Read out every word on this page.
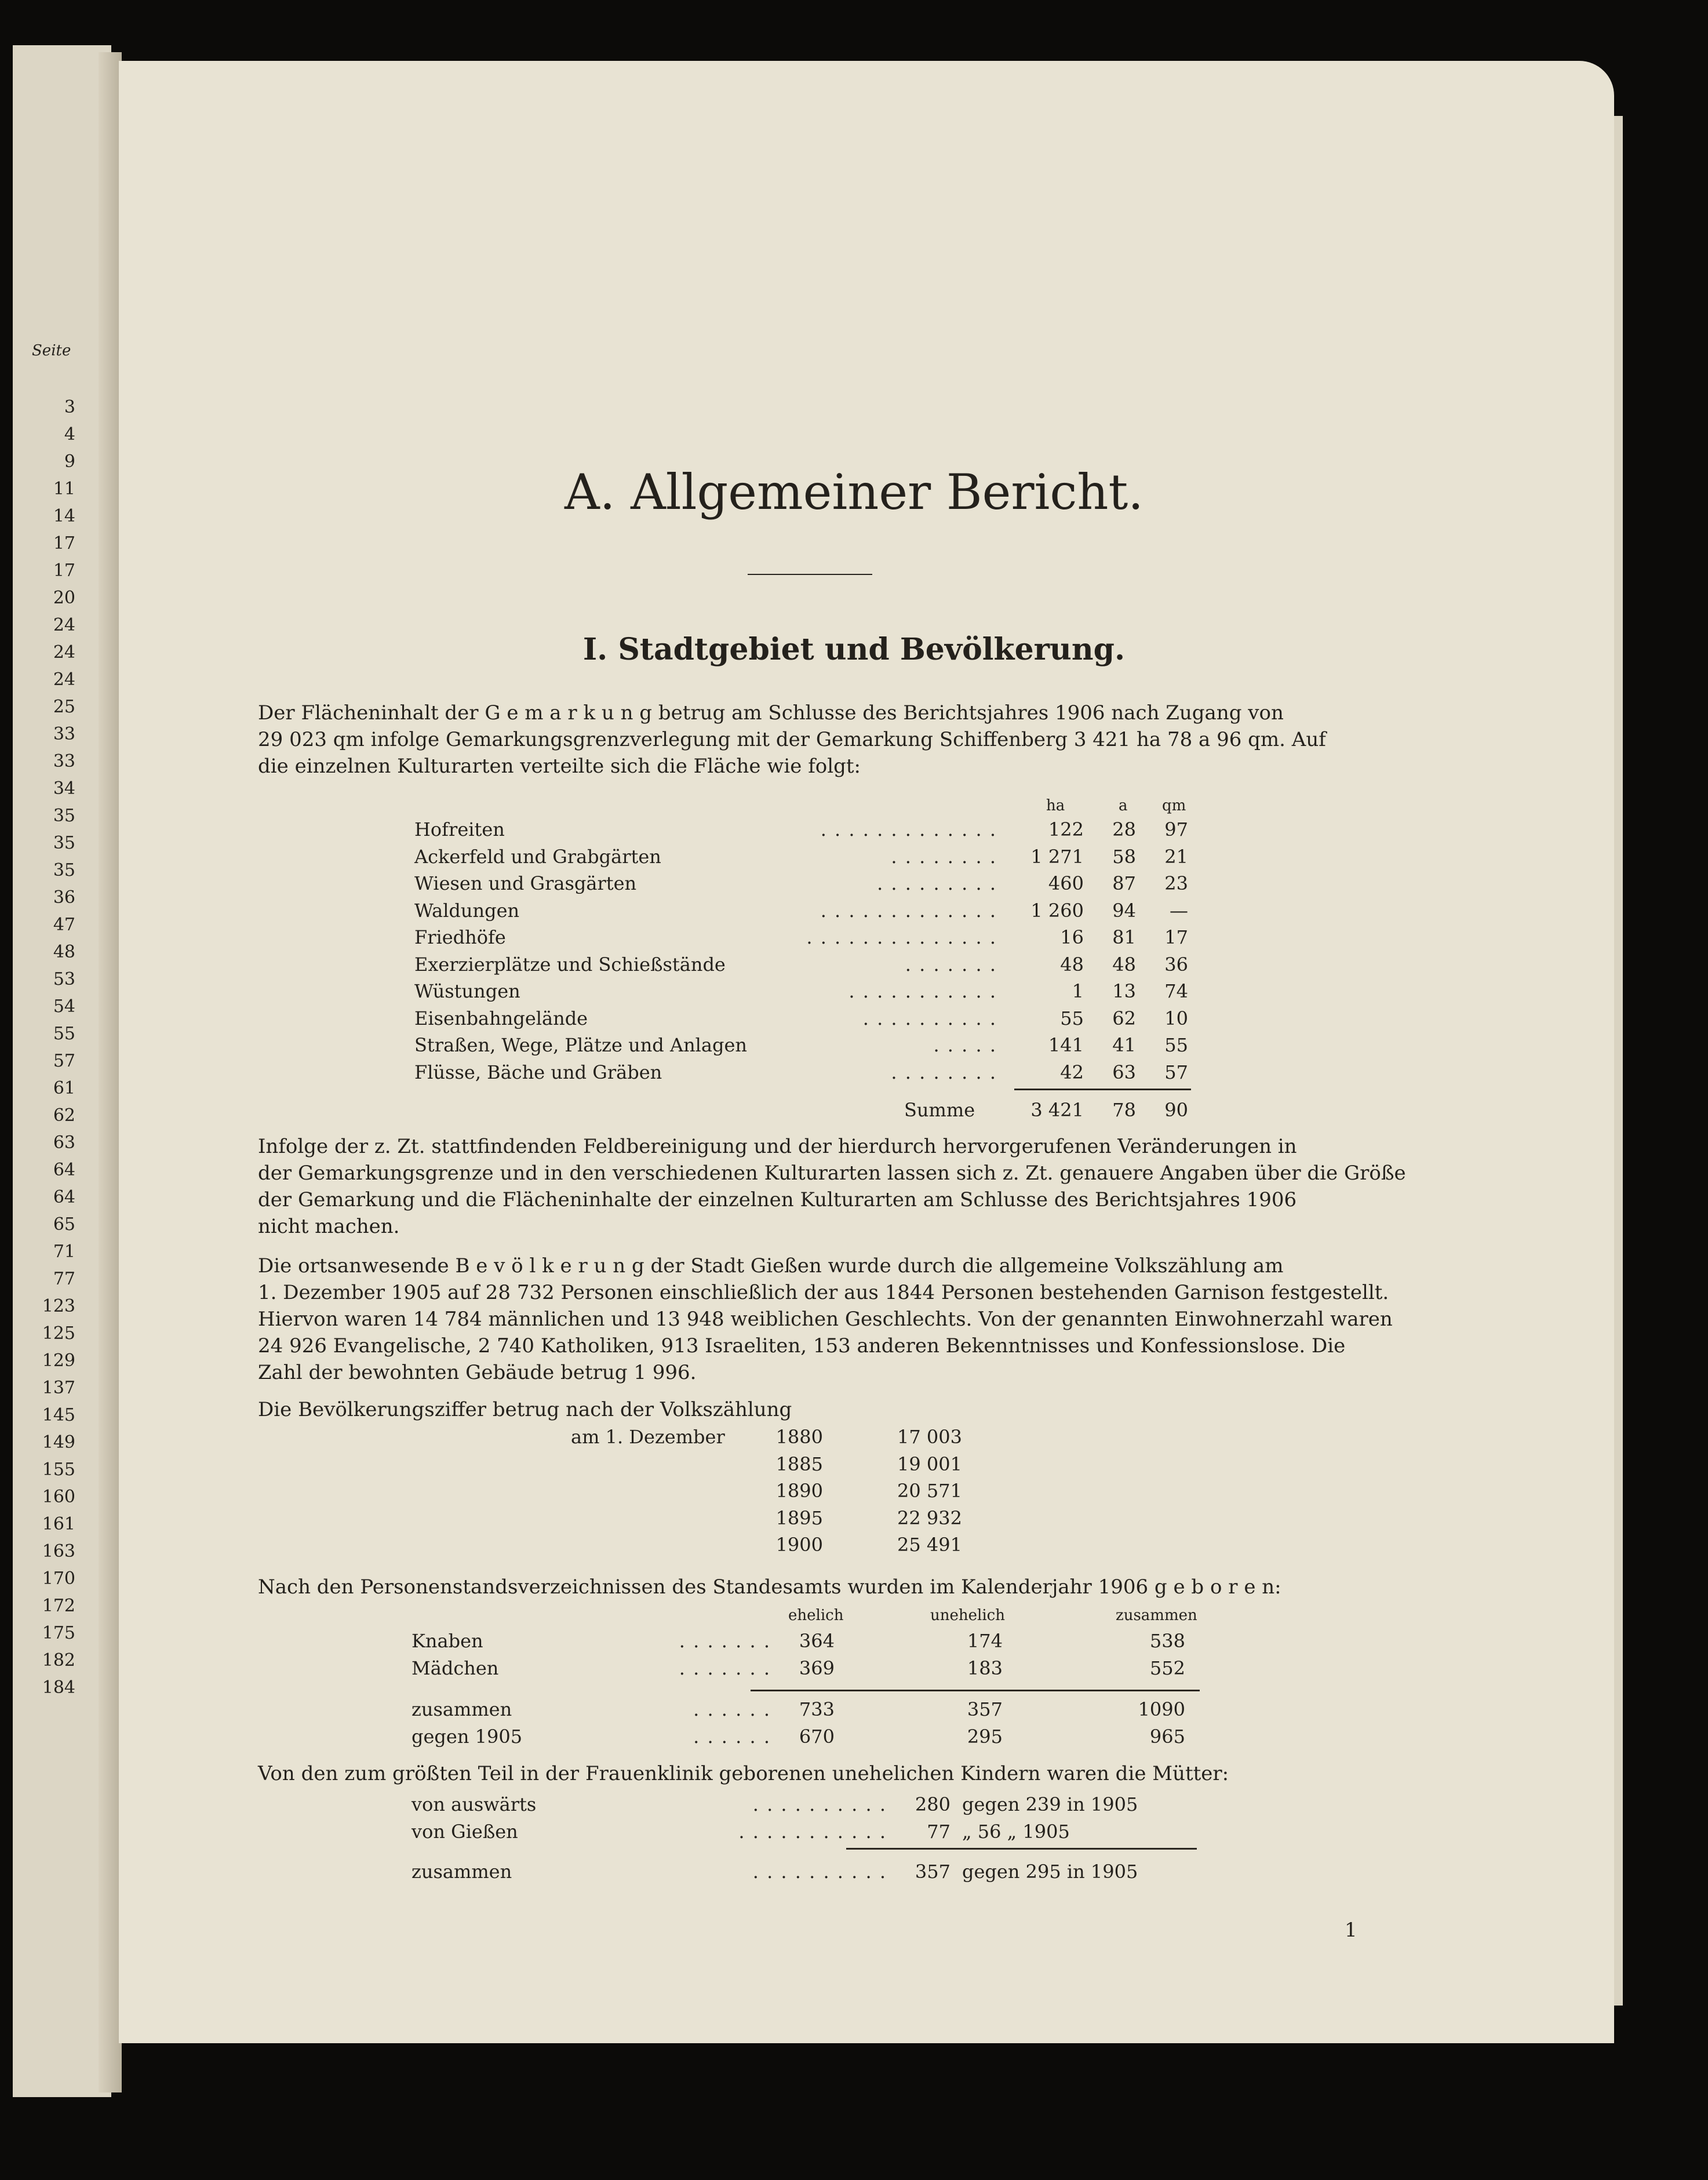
Seite
3
4
9
11
14
17
17
20
24
24
24
25
33
33
34
35
35
35
36
47
48
53
54
55
57
61
62
63
64
64
65
71
77
123
125
129
137
145
149
155
160
161
163
170
172
175
182
184
A. Allgemeiner Bericht.
I. Stadtgebiet und Bevölkerung.
Der Flächeninhalt der G e m a r k u n g betrug am Schlusse des Berichtsjahres 1906 nach Zugang von
29 023 qm infolge Gemarkungsgrenzverlegung mit der Gemarkung Schiffenberg 3 421 ha 78 a 96 qm. Auf
die einzelnen Kulturarten verteilte sich die Fläche wie folgt:
ha	a qm
Hofreiten	. . . . . . . . . . . . .	122	28	97
Ackerfeld und Grabgärten	. . . . . . . .	1 271	58	21
Wiesen und Grasgärten	. . . . . . . . .	460	87	23
Waldungen	. . . . . . . . . . . . .	1 260	94	—
Friedhöfe	. . . . . . . . . . . . . .	16	81	17
Exerzierplätze und Schießstände	. . . . . . .	48	48	36
Wüstungen	. . . . . . . . . . .	1	13	74
Eisenbahngelände	. . . . . . . . . .	55	62	10
Straßen, Wege, Plätze und Anlagen	. . . . .	141	41	55
Flüsse, Bäche und Gräben	. . . . . . . .	42	63	57
Summe	3 421	78	90
Infolge der z. Zt. stattfindenden Feldbereinigung und der hierdurch hervorgerufenen Veränderungen in
der Gemarkungsgrenze und in den verschiedenen Kulturarten lassen sich z. Zt. genauere Angaben über die Größe
der Gemarkung und die Flächeninhalte der einzelnen Kulturarten am Schlusse des Berichtsjahres 1906
nicht machen.
Die ortsanwesende B e v ö l k e r u n g der Stadt Gießen wurde durch die allgemeine Volkszählung am
1. Dezember 1905 auf 28 732 Personen einschließlich der aus 1844 Personen bestehenden Garnison festgestellt.
Hiervon waren 14 784 männlichen und 13 948 weiblichen Geschlechts. Von der genannten Einwohnerzahl waren
24 926 Evangelische, 2 740 Katholiken, 913 Israeliten, 153 anderen Bekenntnisses und Konfessionslose. Die
Zahl der bewohnten Gebäude betrug 1 996.
Die Bevölkerungsziffer betrug nach der Volkszählung
am 1. Dezember	1880	17 003
1885	19 001
1890	20 571
1895	22 932
1900	25 491
Nach den Personenstandsverzeichnissen des Standesamts wurden im Kalenderjahr 1906 g e b o r e n:
ehelich	unehelich	zusammen
Knaben	. . . . . . .	364	174	538
Mädchen	. . . . . . .	369	183	552
zusammen	. . . . . .	733	357	1090
gegen 1905	. . . . . .	670	295	965
Von den zum größten Teil in der Frauenklinik geborenen unehelichen Kindern waren die Mütter:
von auswärts	. . . . . . . . . .	280 gegen 239 in 1905
von Gießen	. . . . . . . . . . .	77 „ 56 „ 1905
zusammen	. . . . . . . . . .	357 gegen 295 in 1905
1
